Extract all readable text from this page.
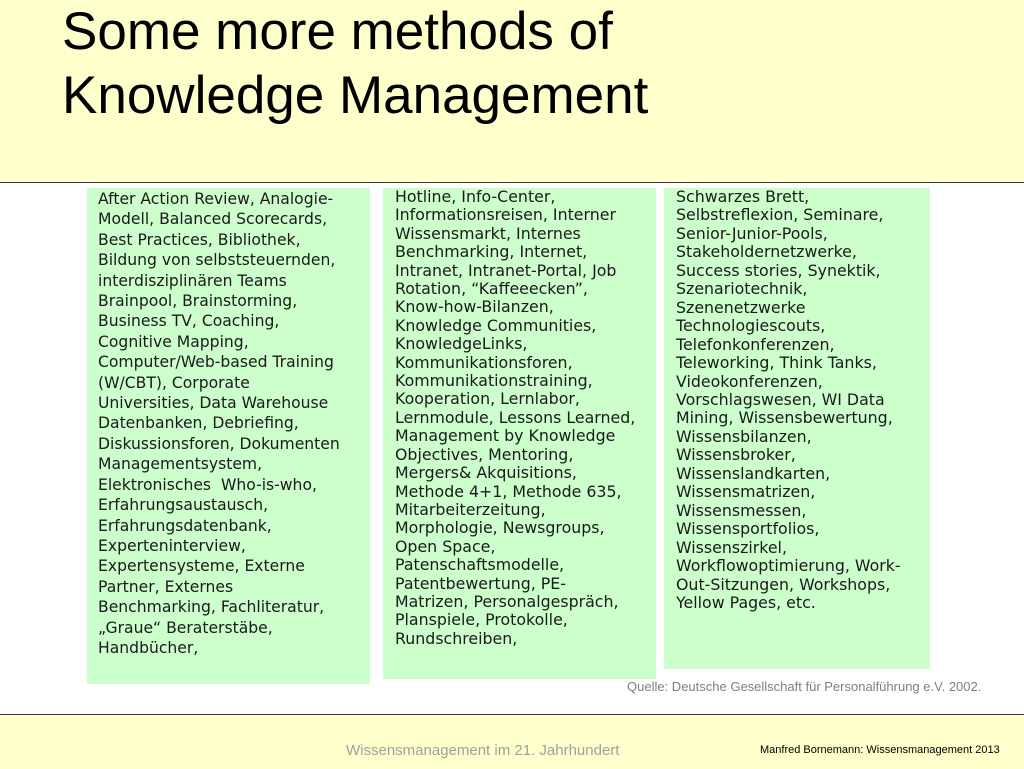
Some more methods of
Knowledge Management

After Action Review, Analogie-
Modell, Balanced Scorecards,
Best Practices, Bibliothek,
Bildung von selbststeuernden,
interdisziplinären Teams
Brainpool, Brainstorming,
Business TV, Coaching,
Cognitive Mapping,
Computer/Web-based Training
(W/CBT), Corporate
Universities, Data Warehouse
Datenbanken, Debriefing,
Diskussionsforen, Dokumenten
Managementsystem,
Elektronisches  Who-is-who,
Erfahrungsaustausch,
Erfahrungsdatenbank,
Experteninterview,
Expertensysteme, Externe
Partner, Externes
Benchmarking, Fachliteratur,
„Graue“ Beraterstäbe,
Handbücher,

Hotline, Info-Center,
Informationsreisen, Interner
Wissensmarkt, Internes
Benchmarking, Internet,
Intranet, Intranet-Portal, Job
Rotation, “Kaffeeecken”,
Know-how-Bilanzen,
Knowledge Communities,
KnowledgeLinks,
Kommunikationsforen,
Kommunikationstraining,
Kooperation, Lernlabor,
Lernmodule, Lessons Learned,
Management by Knowledge
Objectives, Mentoring,
Mergers& Akquisitions,
Methode 4+1, Methode 635,
Mitarbeiterzeitung,
Morphologie, Newsgroups,
Open Space,
Patenschaftsmodelle,
Patentbewertung, PE-
Matrizen, Personalgespräch,
Planspiele, Protokolle,
Rundschreiben,

Schwarzes Brett,
Selbstreflexion, Seminare,
Senior-Junior-Pools,
Stakeholdernetzwerke,
Success stories, Synektik,
Szenariotechnik,
Szenenetzwerke
Technologiescouts,
Telefonkonferenzen,
Teleworking, Think Tanks,
Videokonferenzen,
Vorschlagswesen, WI Data
Mining, Wissensbewertung,
Wissensbilanzen,
Wissensbroker,
Wissenslandkarten,
Wissensmatrizen,
Wissensmessen,
Wissensportfolios,
Wissenszirkel,
Workflowoptimierung, Work-
Out-Sitzungen, Workshops,
Yellow Pages, etc.

Quelle: Deutsche Gesellschaft für Personalführung e.V. 2002.
Wissensmanagement im 21. Jahrhundert	Manfred Bornemann: Wissensmanagement 2013
